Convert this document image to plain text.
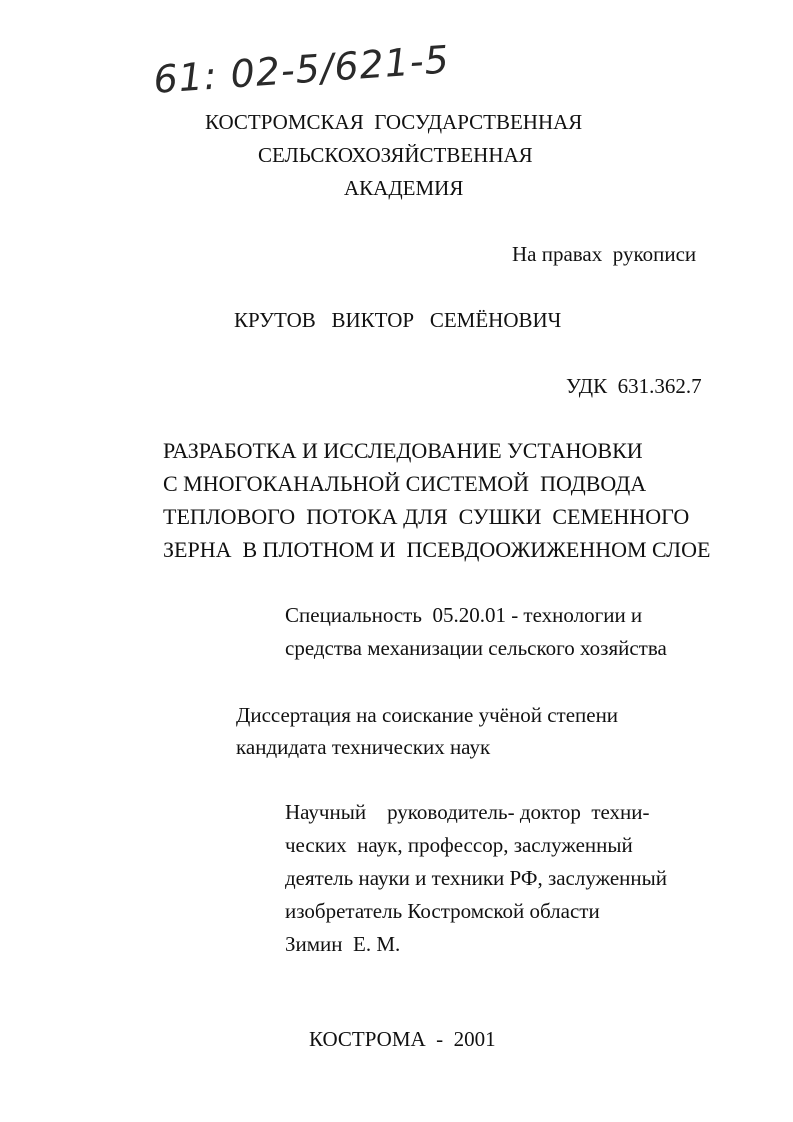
61: 02-5/621-5
КОСТРОМСКАЯ  ГОСУДАРСТВЕННАЯ
СЕЛЬСКОХОЗЯЙСТВЕННАЯ
АКАДЕМИЯ
На правах  рукописи
КРУТОВ   ВИКТОР   СЕМЁНОВИЧ
УДК  631.362.7
РАЗРАБОТКА И ИССЛЕДОВАНИЕ УСТАНОВКИ
С МНОГОКАНАЛЬНОЙ СИСТЕМОЙ  ПОДВОДА
ТЕПЛОВОГО  ПОТОКА ДЛЯ  СУШКИ  СЕМЕННОГО
ЗЕРНА  В ПЛОТНОМ И  ПСЕВДООЖИЖЕННОМ СЛОЕ
Специальность  05.20.01 - технологии и
средства механизации сельского хозяйства
Диссертация на соискание учёной степени
кандидата технических наук
Научный    руководитель- доктор  техни-
ческих  наук, профессор, заслуженный
деятель науки и техники РФ, заслуженный
изобретатель Костромской области
Зимин  Е. М.
КОСТРОМА  -  2001
